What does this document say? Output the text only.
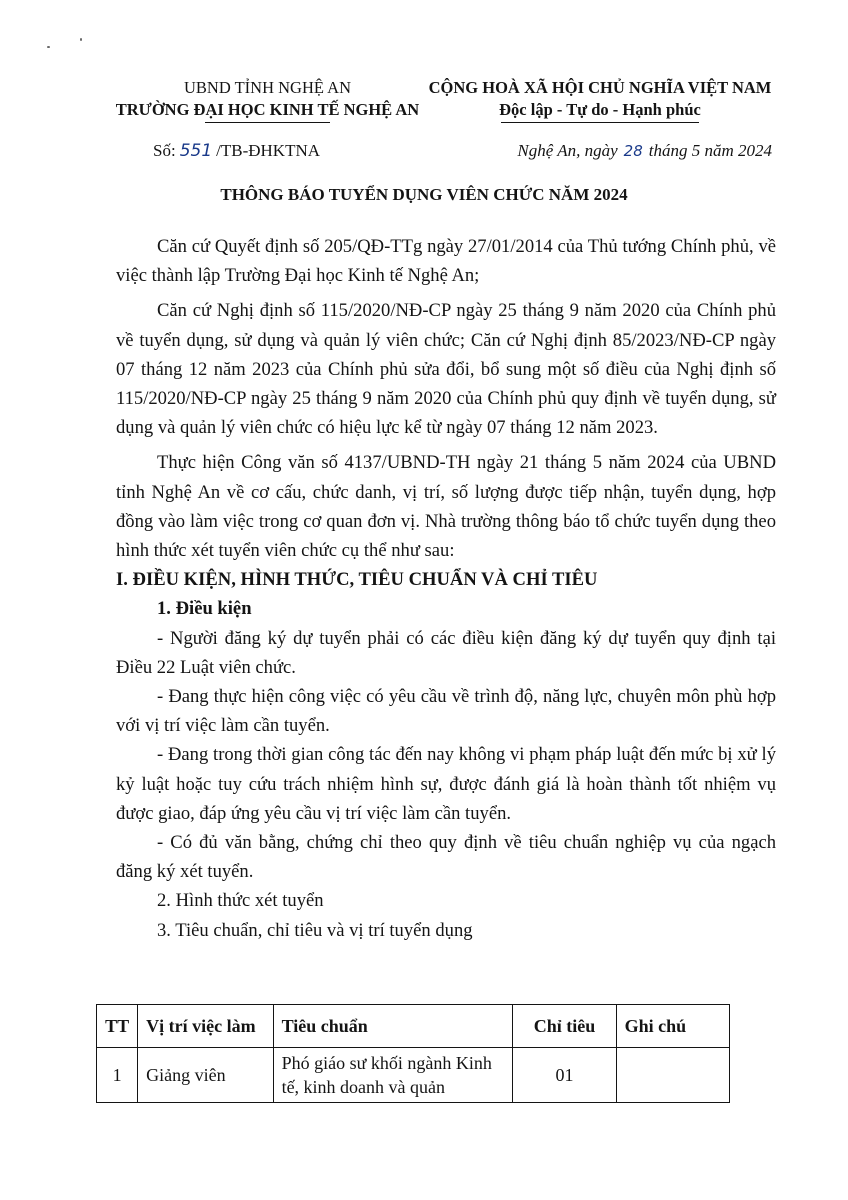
UBND TỈNH NGHỆ AN
TRƯỜNG ĐẠI HỌC KINH TẾ NGHỆ AN
CỘNG HOÀ XÃ HỘI CHỦ NGHĨA VIỆT NAM
Độc lập - Tự do - Hạnh phúc
Số: 551 /TB-ĐHKTNA	Nghệ An, ngày 28 tháng 5 năm 2024
THÔNG BÁO TUYỂN DỤNG VIÊN CHỨC NĂM 2024

Căn cứ Quyết định số 205/QĐ-TTg ngày 27/01/2014 của Thủ tướng Chính phủ, về việc thành lập Trường Đại học Kinh tế Nghệ An;

Căn cứ Nghị định số 115/2020/NĐ-CP ngày 25 tháng 9 năm 2020 của Chính phủ về tuyển dụng, sử dụng và quản lý viên chức; Căn cứ Nghị định 85/2023/NĐ-CP ngày 07 tháng 12 năm 2023 của Chính phủ sửa đổi, bổ sung một số điều của Nghị định số 115/2020/NĐ-CP ngày 25 tháng 9 năm 2020 của Chính phủ quy định về tuyển dụng, sử dụng và quản lý viên chức có hiệu lực kể từ ngày 07 tháng 12 năm 2023.

Thực hiện Công văn số 4137/UBND-TH ngày 21 tháng 5 năm 2024 của UBND tỉnh Nghệ An về cơ cấu, chức danh, vị trí, số lượng được tiếp nhận, tuyển dụng, hợp đồng vào làm việc trong cơ quan đơn vị. Nhà trường thông báo tổ chức tuyển dụng theo hình thức xét tuyển viên chức cụ thể như sau:

I. ĐIỀU KIỆN, HÌNH THỨC, TIÊU CHUẨN VÀ CHỈ TIÊU

1. Điều kiện

- Người đăng ký dự tuyển phải có các điều kiện đăng ký dự tuyển quy định tại Điều 22 Luật viên chức.

- Đang thực hiện công việc có yêu cầu về trình độ, năng lực, chuyên môn phù hợp với vị trí việc làm cần tuyển.

- Đang trong thời gian công tác đến nay không vi phạm pháp luật đến mức bị xử lý kỷ luật hoặc tuy cứu trách nhiệm hình sự, được đánh giá là hoàn thành tốt nhiệm vụ được giao, đáp ứng yêu cầu vị trí việc làm cần tuyển.

- Có đủ văn bằng, chứng chỉ theo quy định về tiêu chuẩn nghiệp vụ của ngạch đăng ký xét tuyển.

2. Hình thức xét tuyển

3. Tiêu chuẩn, chỉ tiêu và vị trí tuyển dụng

TT	Vị trí việc làm	Tiêu chuẩn	Chỉ tiêu	Ghi chú
1	Giảng viên	Phó giáo sư khối ngành Kinh tế, kinh doanh và quản	01	
